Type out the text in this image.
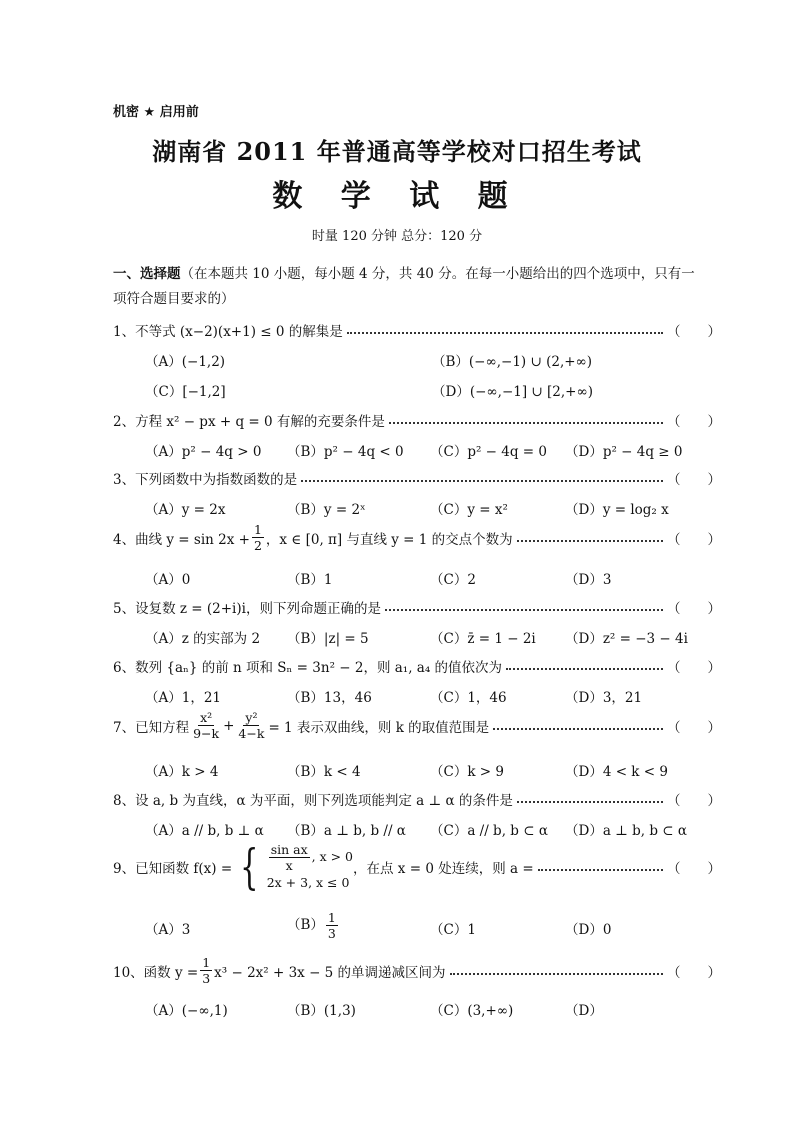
机密 ★ 启用前
湖南省 2011 年普通高等学校对口招生考试
数 学 试 题
时量 120 分钟 总分：120 分
一、选择题（在本题共 10 小题，每小题 4 分，共 40 分。在每一小题给出的四个选项中，只有一项符合题目要求的）
1、不等式 (x−2)(x+1) ≤ 0 的解集是	（　　）
（A）(−1,2)	（B）(−∞,−1) ∪ (2,+∞)
（C）[−1,2]	（D）(−∞,−1] ∪ [2,+∞)
2、方程 x² − px + q = 0 有解的充要条件是	（　　）
（A）p² − 4q > 0 （B）p² − 4q < 0 （C）p² − 4q = 0 （D）p² − 4q ≥ 0
3、下列函数中为指数函数的是	（　　）
（A）y = 2x	（B）y = 2ˣ	（C）y = x²	（D）y = log₂ x
4、曲线 $y = \sin 2x + \frac{1}{2}$ ，x ∈ [0, π] 与直线 y = 1 的交点个数为	（　　）
（A）0	（B）1	（C）2	（D）3
5、设复数 z = (2+i)i，则下列命题正确的是	（　　）
（A）z 的实部为 2 （B）|z| = 5	（C）z̄ = 1 − 2i （D）z² = −3 − 4i
6、数列 {aₙ} 的前 n 项和 Sₙ = 3n² − 2，则 a₁, a₄ 的值依次为	（　　）
（A）1，21	（B）13，46	（C）1，46	（D）3，21
7、已知方程 $\frac{\text{x²}}{9-k} + \frac{\text{y²}}{4-k} = 1$ 表示双曲线，则 k 的取值范围是	（　　）
（A）k > 4	（B）k < 4	（C）k > 9	（D）4 < k < 9
8、设 a, b 为直线，α 为平面，则下列选项能判定 a ⊥ α 的条件是	（　　）
（A）a // b, b ⊥ α （B）a ⊥ b, b // α （C）a // b, b ⊂ α （D）a ⊥ b, b ⊂ α
9、已知函数 f(x) = { $\frac{\text{sin ax}}{x}$ , x > 0
2x + 3, x ≤ 0
，在点 x = 0 处连续，则 a =	（　　）
（A）3	$(B) \frac{1}{3}$	（C）1	（D）0
10、函数 $y = \frac{1}{3} x^3 - 2x^2 + 3x - 5$ 的单调递减区间为	（　　）
（A）(−∞,1)	（B）(1,3)	（C）(3,+∞)	（D）
